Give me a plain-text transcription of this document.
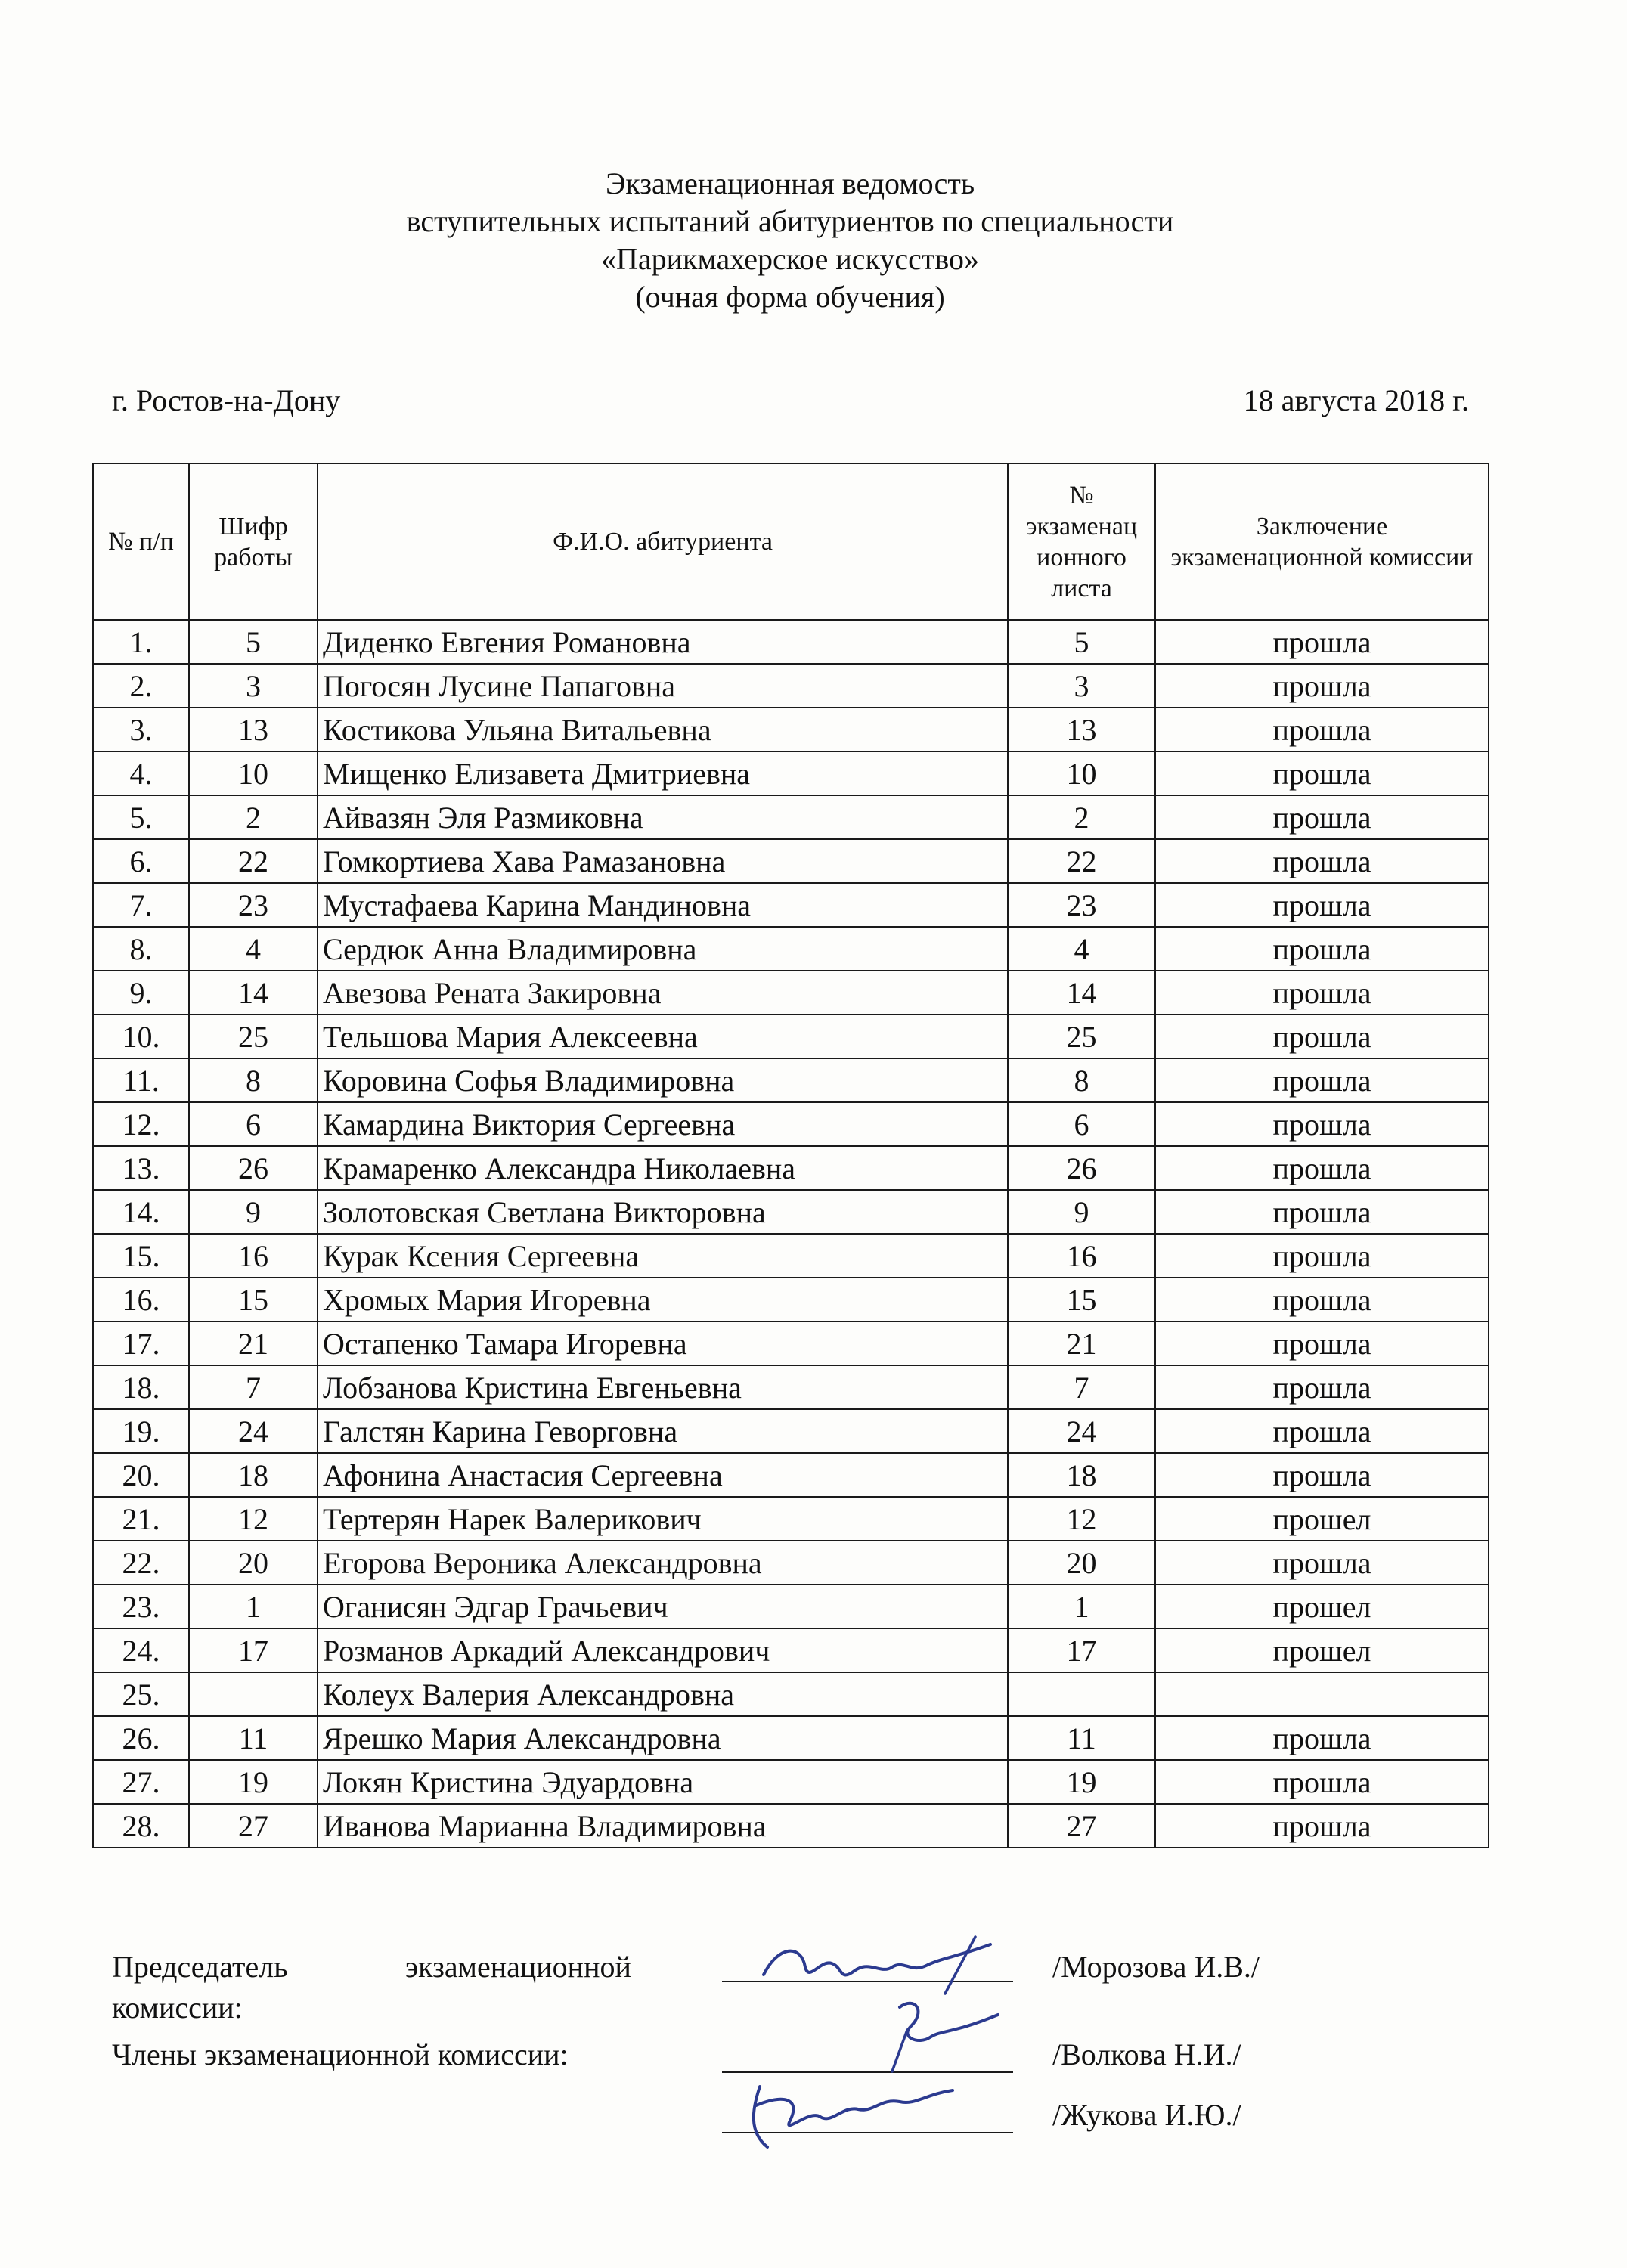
Экзаменационная ведомость
вступительных испытаний абитуриентов по специальности
«Парикмахерское искусство»
(очная форма обучения)
г. Ростов-на-Дону	18 августа 2018 г.
№ п/п	Шифр работы	Ф.И.О. абитуриента	№ экзаменац ионного листа	Заключение экзаменационной комиссии
1.	5	Диденко Евгения Романовна	5	прошла
2.	3	Погосян Лусине Папаговна	3	прошла
3.	13	Костикова Ульяна Витальевна	13	прошла
4.	10	Мищенко Елизавета Дмитриевна	10	прошла
5.	2	Айвазян Эля Размиковна	2	прошла
6.	22	Гомкортиева Хава Рамазановна	22	прошла
7.	23	Мустафаева Карина Мандиновна	23	прошла
8.	4	Сердюк Анна Владимировна	4	прошла
9.	14	Авезова Рената Закировна	14	прошла
10.	25	Тельшова Мария Алексеевна	25	прошла
11.	8	Коровина Софья Владимировна	8	прошла
12.	6	Камардина Виктория Сергеевна	6	прошла
13.	26	Крамаренко Александра Николаевна	26	прошла
14.	9	Золотовская Светлана Викторовна	9	прошла
15.	16	Курак Ксения Сергеевна	16	прошла
16.	15	Хромых Мария Игоревна	15	прошла
17.	21	Остапенко Тамара Игоревна	21	прошла
18.	7	Лобзанова Кристина Евгеньевна	7	прошла
19.	24	Галстян Карина Геворговна	24	прошла
20.	18	Афонина Анастасия Сергеевна	18	прошла
21.	12	Тертерян Нарек Валерикович	12	прошел
22.	20	Егорова Вероника Александровна	20	прошла
23.	1	Оганисян Эдгар Грачьевич	1	прошел
24.	17	Розманов Аркадий Александрович	17	прошел
25.		Колеух Валерия Александровна		
26.	11	Ярешко Мария Александровна	11	прошла
27.	19	Локян Кристина Эдуардовна	19	прошла
28.	27	Иванова Марианна Владимировна	27	прошла
Председатель	экзаменационной
комиссии:
/Морозова И.В./
Члены экзаменационной комиссии:	/Волкова Н.И./
/Жукова И.Ю./
